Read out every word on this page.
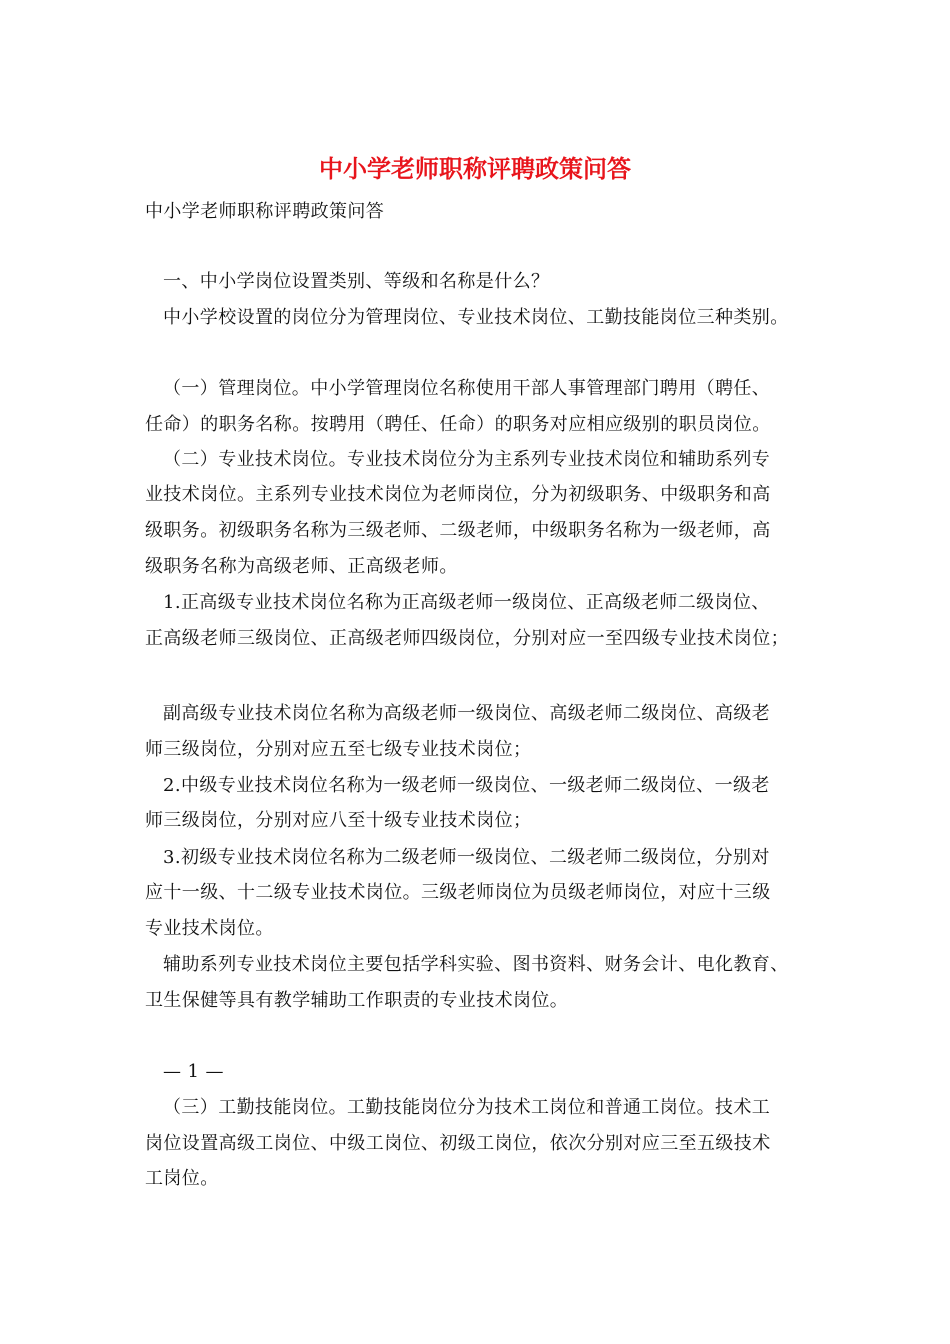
中小学老师职称评聘政策问答
中小学老师职称评聘政策问答
一、中小学岗位设置类别、等级和名称是什么？
中小学校设置的岗位分为管理岗位、专业技术岗位、工勤技能岗位三种类别。
（一）管理岗位。中小学管理岗位名称使用干部人事管理部门聘用（聘任、
任命）的职务名称。按聘用（聘任、任命）的职务对应相应级别的职员岗位。
（二）专业技术岗位。专业技术岗位分为主系列专业技术岗位和辅助系列专
业技术岗位。主系列专业技术岗位为老师岗位，分为初级职务、中级职务和高
级职务。初级职务名称为三级老师、二级老师，中级职务名称为一级老师，高
级职务名称为高级老师、正高级老师。
1.正高级专业技术岗位名称为正高级老师一级岗位、正高级老师二级岗位、
正高级老师三级岗位、正高级老师四级岗位，分别对应一至四级专业技术岗位；
副高级专业技术岗位名称为高级老师一级岗位、高级老师二级岗位、高级老
师三级岗位，分别对应五至七级专业技术岗位；
2.中级专业技术岗位名称为一级老师一级岗位、一级老师二级岗位、一级老
师三级岗位，分别对应八至十级专业技术岗位；
3.初级专业技术岗位名称为二级老师一级岗位、二级老师二级岗位，分别对
应十一级、十二级专业技术岗位。三级老师岗位为员级老师岗位，对应十三级
专业技术岗位。
辅助系列专业技术岗位主要包括学科实验、图书资料、财务会计、电化教育、
卫生保健等具有教学辅助工作职责的专业技术岗位。
— 1 —
（三）工勤技能岗位。工勤技能岗位分为技术工岗位和普通工岗位。技术工
岗位设置高级工岗位、中级工岗位、初级工岗位，依次分别对应三至五级技术
工岗位。
